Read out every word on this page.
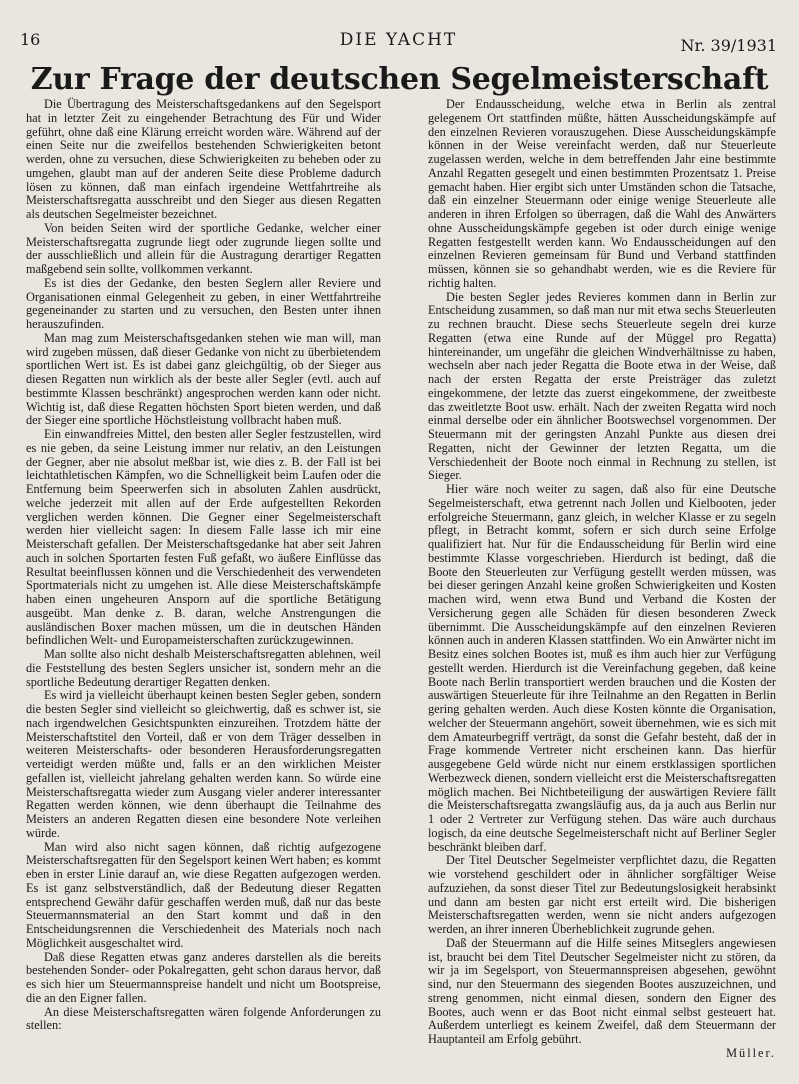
16	DIE YACHT	Nr. 39/1931
Zur Frage der deutschen Segelmeisterschaft

Die Übertragung des Meisterschaftsgedankens auf den Segelsport hat in letzter Zeit zu eingehender Betrachtung des Für und Wider geführt, ohne daß eine Klärung erreicht worden wäre. Während auf der einen Seite nur die zweifellos bestehenden Schwierigkeiten betont werden, ohne zu versuchen, diese Schwierigkeiten zu beheben oder zu umgehen, glaubt man auf der anderen Seite diese Probleme dadurch lösen zu können, daß man einfach irgendeine Wettfahrtreihe als Meisterschaftsregatta ausschreibt und den Sieger aus diesen Regatten als deutschen Segelmeister bezeichnet.

Von beiden Seiten wird der sportliche Gedanke, welcher einer Meisterschaftsregatta zugrunde liegt oder zugrunde liegen sollte und der ausschließlich und allein für die Austragung derartiger Regatten maßgebend sein sollte, vollkommen verkannt.

Es ist dies der Gedanke, den besten Seglern aller Reviere und Organisationen einmal Gelegenheit zu geben, in einer Wettfahrtreihe gegeneinander zu starten und zu versuchen, den Besten unter ihnen herauszufinden.

Man mag zum Meisterschaftsgedanken stehen wie man will, man wird zugeben müssen, daß dieser Gedanke von nicht zu überbietendem sportlichen Wert ist. Es ist dabei ganz gleichgültig, ob der Sieger aus diesen Regatten nun wirklich als der beste aller Segler (evtl. auch auf bestimmte Klassen beschränkt) angesprochen werden kann oder nicht. Wichtig ist, daß diese Regatten höchsten Sport bieten werden, und daß der Sieger eine sportliche Höchstleistung vollbracht haben muß.

Ein einwandfreies Mittel, den besten aller Segler festzustellen, wird es nie geben, da seine Leistung immer nur relativ, an den Leistungen der Gegner, aber nie absolut meßbar ist, wie dies z. B. der Fall ist bei leichtathletischen Kämpfen, wo die Schnelligkeit beim Laufen oder die Entfernung beim Speerwerfen sich in absoluten Zahlen ausdrückt, welche jederzeit mit allen auf der Erde aufgestellten Rekorden verglichen werden können. Die Gegner einer Segelmeisterschaft werden hier vielleicht sagen: In diesem Falle lasse ich mir eine Meisterschaft gefallen. Der Meisterschaftsgedanke hat aber seit Jahren auch in solchen Sportarten festen Fuß gefaßt, wo äußere Einflüsse das Resultat beeinflussen können und die Verschiedenheit des verwendeten Sportmaterials nicht zu umgehen ist. Alle diese Meisterschaftskämpfe haben einen ungeheuren Ansporn auf die sportliche Betätigung ausgeübt. Man denke z. B. daran, welche Anstrengungen die ausländischen Boxer machen müssen, um die in deutschen Händen befindlichen Welt- und Europameisterschaften zurückzugewinnen.

Man sollte also nicht deshalb Meisterschaftsregatten ablehnen, weil die Feststellung des besten Seglers unsicher ist, sondern mehr an die sportliche Bedeutung derartiger Regatten denken.

Es wird ja vielleicht überhaupt keinen besten Segler geben, sondern die besten Segler sind vielleicht so gleichwertig, daß es schwer ist, sie nach irgendwelchen Gesichtspunkten einzureihen. Trotzdem hätte der Meisterschaftstitel den Vorteil, daß er von dem Träger desselben in weiteren Meisterschafts- oder besonderen Herausforderungsregatten verteidigt werden müßte und, falls er an den wirklichen Meister gefallen ist, vielleicht jahrelang gehalten werden kann. So würde eine Meisterschaftsregatta wieder zum Ausgang vieler anderer interessanter Regatten werden können, wie denn überhaupt die Teilnahme des Meisters an anderen Regatten diesen eine besondere Note verleihen würde.

Man wird also nicht sagen können, daß richtig aufgezogene Meisterschaftsregatten für den Segelsport keinen Wert haben; es kommt eben in erster Linie darauf an, wie diese Regatten aufgezogen werden. Es ist ganz selbstverständlich, daß der Bedeutung dieser Regatten entsprechend Gewähr dafür geschaffen werden muß, daß nur das beste Steuermannsmaterial an den Start kommt und daß in den Entscheidungsrennen die Verschiedenheit des Materials noch nach Möglichkeit ausgeschaltet wird.

Daß diese Regatten etwas ganz anderes darstellen als die bereits bestehenden Sonder- oder Pokalregatten, geht schon daraus hervor, daß es sich hier um Steuermannspreise handelt und nicht um Bootspreise, die an den Eigner fallen.

An diese Meisterschaftsregatten wären folgende Anforderungen zu stellen:

Der Endausscheidung, welche etwa in Berlin als zentral gelegenem Ort stattfinden müßte, hätten Ausscheidungskämpfe auf den einzelnen Revieren vorauszugehen. Diese Ausscheidungskämpfe können in der Weise vereinfacht werden, daß nur Steuerleute zugelassen werden, welche in dem betreffenden Jahr eine bestimmte Anzahl Regatten gesegelt und einen bestimmten Prozentsatz 1. Preise gemacht haben. Hier ergibt sich unter Umständen schon die Tatsache, daß ein einzelner Steuermann oder einige wenige Steuerleute alle anderen in ihren Erfolgen so überragen, daß die Wahl des Anwärters ohne Ausscheidungskämpfe gegeben ist oder durch einige wenige Regatten festgestellt werden kann. Wo Endausscheidungen auf den einzelnen Revieren gemeinsam für Bund und Verband stattfinden müssen, können sie so gehandhabt werden, wie es die Reviere für richtig halten.

Die besten Segler jedes Revieres kommen dann in Berlin zur Entscheidung zusammen, so daß man nur mit etwa sechs Steuerleuten zu rechnen braucht. Diese sechs Steuerleute segeln drei kurze Regatten (etwa eine Runde auf der Müggel pro Regatta) hintereinander, um ungefähr die gleichen Windverhältnisse zu haben, wechseln aber nach jeder Regatta die Boote etwa in der Weise, daß nach der ersten Regatta der erste Preisträger das zuletzt eingekommene, der letzte das zuerst eingekommene, der zweitbeste das zweitletzte Boot usw. erhält. Nach der zweiten Regatta wird noch einmal derselbe oder ein ähnlicher Bootswechsel vorgenommen. Der Steuermann mit der geringsten Anzahl Punkte aus diesen drei Regatten, nicht der Gewinner der letzten Regatta, um die Verschiedenheit der Boote noch einmal in Rechnung zu stellen, ist Sieger.

Hier wäre noch weiter zu sagen, daß also für eine Deutsche Segelmeisterschaft, etwa getrennt nach Jollen und Kielbooten, jeder erfolgreiche Steuermann, ganz gleich, in welcher Klasse er zu segeln pflegt, in Betracht kommt, sofern er sich durch seine Erfolge qualifiziert hat. Nur für die Endausscheidung für Berlin wird eine bestimmte Klasse vorgeschrieben. Hierdurch ist bedingt, daß die Boote den Steuerleuten zur Verfügung gestellt werden müssen, was bei dieser geringen Anzahl keine großen Schwierigkeiten und Kosten machen wird, wenn etwa Bund und Verband die Kosten der Versicherung gegen alle Schäden für diesen besonderen Zweck übernimmt. Die Ausscheidungskämpfe auf den einzelnen Revieren können auch in anderen Klassen stattfinden. Wo ein Anwärter nicht im Besitz eines solchen Bootes ist, muß es ihm auch hier zur Verfügung gestellt werden. Hierdurch ist die Vereinfachung gegeben, daß keine Boote nach Berlin transportiert werden brauchen und die Kosten der auswärtigen Steuerleute für ihre Teilnahme an den Regatten in Berlin gering gehalten werden. Auch diese Kosten könnte die Organisation, welcher der Steuermann angehört, soweit übernehmen, wie es sich mit dem Amateurbegriff verträgt, da sonst die Gefahr besteht, daß der in Frage kommende Vertreter nicht erscheinen kann. Das hierfür ausgegebene Geld würde nicht nur einem erstklassigen sportlichen Werbezweck dienen, sondern vielleicht erst die Meisterschaftsregatten möglich machen. Bei Nichtbeteiligung der auswärtigen Reviere fällt die Meisterschaftsregatta zwangsläufig aus, da ja auch aus Berlin nur 1 oder 2 Vertreter zur Verfügung stehen. Das wäre auch durchaus logisch, da eine deutsche Segelmeisterschaft nicht auf Berliner Segler beschränkt bleiben darf.

Der Titel Deutscher Segelmeister verpflichtet dazu, die Regatten wie vorstehend geschildert oder in ähnlicher sorgfältiger Weise aufzuziehen, da sonst dieser Titel zur Bedeutungslosigkeit herabsinkt und dann am besten gar nicht erst erteilt wird. Die bisherigen Meisterschaftsregatten werden, wenn sie nicht anders aufgezogen werden, an ihrer inneren Überheblichkeit zugrunde gehen.

Daß der Steuermann auf die Hilfe seines Mitseglers angewiesen ist, braucht bei dem Titel Deutscher Segelmeister nicht zu stören, da wir ja im Segelsport, von Steuermannspreisen abgesehen, gewöhnt sind, nur den Steuermann des siegenden Bootes auszuzeichnen, und streng genommen, nicht einmal diesen, sondern den Eigner des Bootes, auch wenn er das Boot nicht einmal selbst gesteuert hat. Außerdem unterliegt es keinem Zweifel, daß dem Steuermann der Hauptanteil am Erfolg gebührt.

Müller.
